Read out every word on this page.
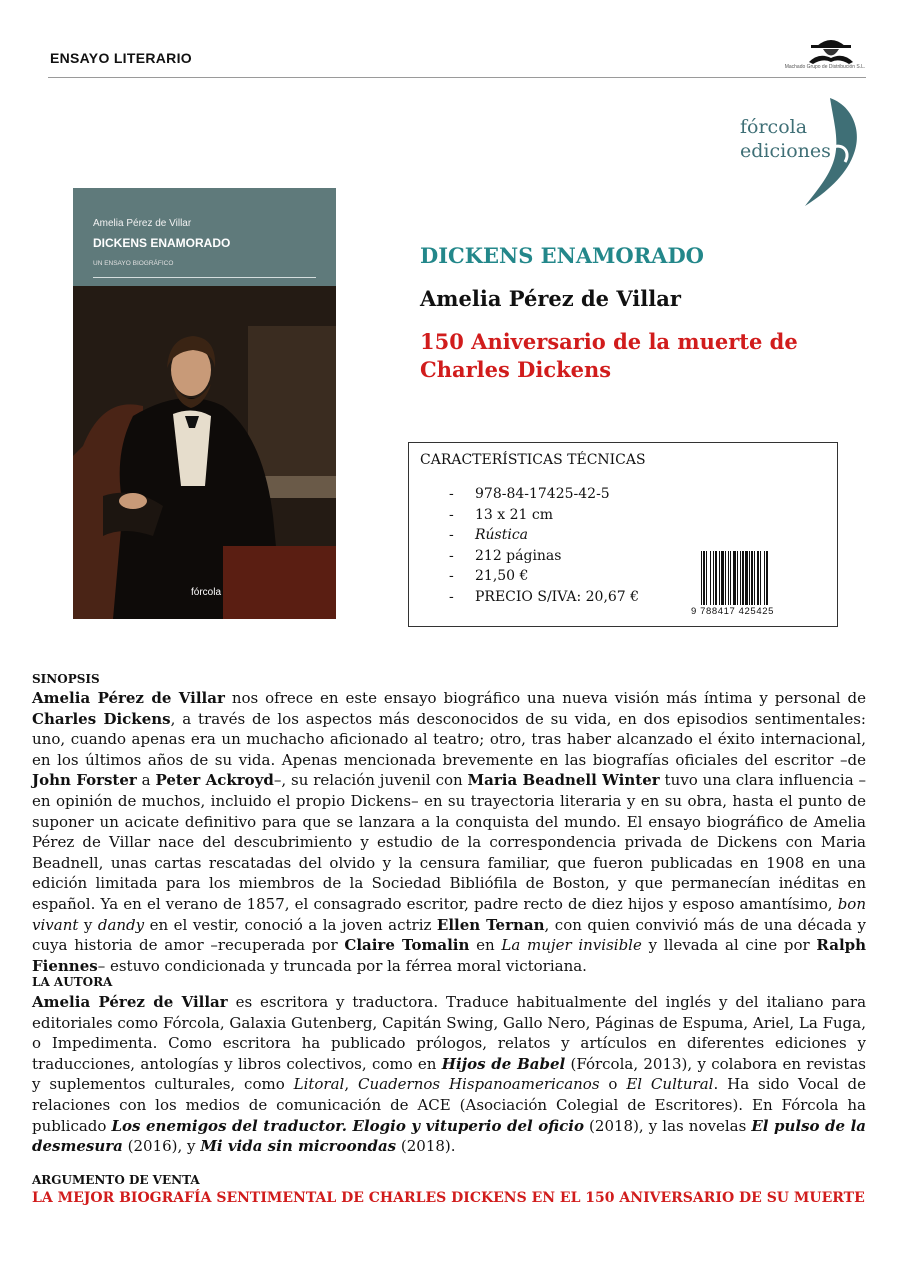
ENSAYO LITERARIO
Machado Grupo de Distribución S.L.
fórcola
ediciones
Amelia Pérez de Villar
DICKENS ENAMORADO
UN ENSAYO BIOGRÁFICO
fórcola
DICKENS ENAMORADO
Amelia Pérez de Villar
150 Aniversario de la muerte de
Charles Dickens
CARACTERÍSTICAS TÉCNICAS
-	978-84-17425-42-5
-	13 x 21 cm
-	Rústica
-	212 páginas
-	21,50 €
-	PRECIO S/IVA: 20,67 €
9 788417 425425
SINOPSIS
Amelia Pérez de Villar nos ofrece en este ensayo biográfico una nueva visión más íntima y personal de Charles Dickens, a través de los aspectos más desconocidos de su vida, en dos episodios sentimentales: uno, cuando apenas era un muchacho aficionado al teatro; otro, tras haber alcanzado el éxito internacional, en los últimos años de su vida. Apenas mencionada brevemente en las biografías oficiales del escritor –de John Forster a Peter Ackroyd–, su relación juvenil con Maria Beadnell Winter tuvo una clara influencia –en opinión de muchos, incluido el propio Dickens– en su trayectoria literaria y en su obra, hasta el punto de suponer un acicate definitivo para que se lanzara a la conquista del mundo. El ensayo biográfico de Amelia Pérez de Villar nace del descubrimiento y estudio de la correspondencia privada de Dickens con Maria Beadnell, unas cartas rescatadas del olvido y la censura familiar, que fueron publicadas en 1908 en una edición limitada para los miembros de la Sociedad Bibliófila de Boston, y que permanecían inéditas en español. Ya en el verano de 1857, el consagrado escritor, padre recto de diez hijos y esposo amantísimo, bon vivant y dandy en el vestir, conoció a la joven actriz Ellen Ternan, con quien convivió más de una década y cuya historia de amor –recuperada por Claire Tomalin en La mujer invisible y llevada al cine por Ralph Fiennes– estuvo condicionada y truncada por la férrea moral victoriana.
LA AUTORA
Amelia Pérez de Villar es escritora y traductora. Traduce habitualmente del inglés y del italiano para editoriales como Fórcola, Galaxia Gutenberg, Capitán Swing, Gallo Nero, Páginas de Espuma, Ariel, La Fuga, o Impedimenta. Como escritora ha publicado prólogos, relatos y artículos en diferentes ediciones y traducciones, antologías y libros colectivos, como en Hijos de Babel (Fórcola, 2013), y colabora en revistas y suplementos culturales, como Litoral, Cuadernos Hispanoamericanos o El Cultural. Ha sido Vocal de relaciones con los medios de comunicación de ACE (Asociación Colegial de Escritores). En Fórcola ha publicado Los enemigos del traductor. Elogio y vituperio del oficio (2018), y las novelas El pulso de la desmesura (2016), y Mi vida sin microondas (2018).
ARGUMENTO DE VENTA
LA MEJOR BIOGRAFÍA SENTIMENTAL DE CHARLES DICKENS EN EL 150 ANIVERSARIO DE SU MUERTE
